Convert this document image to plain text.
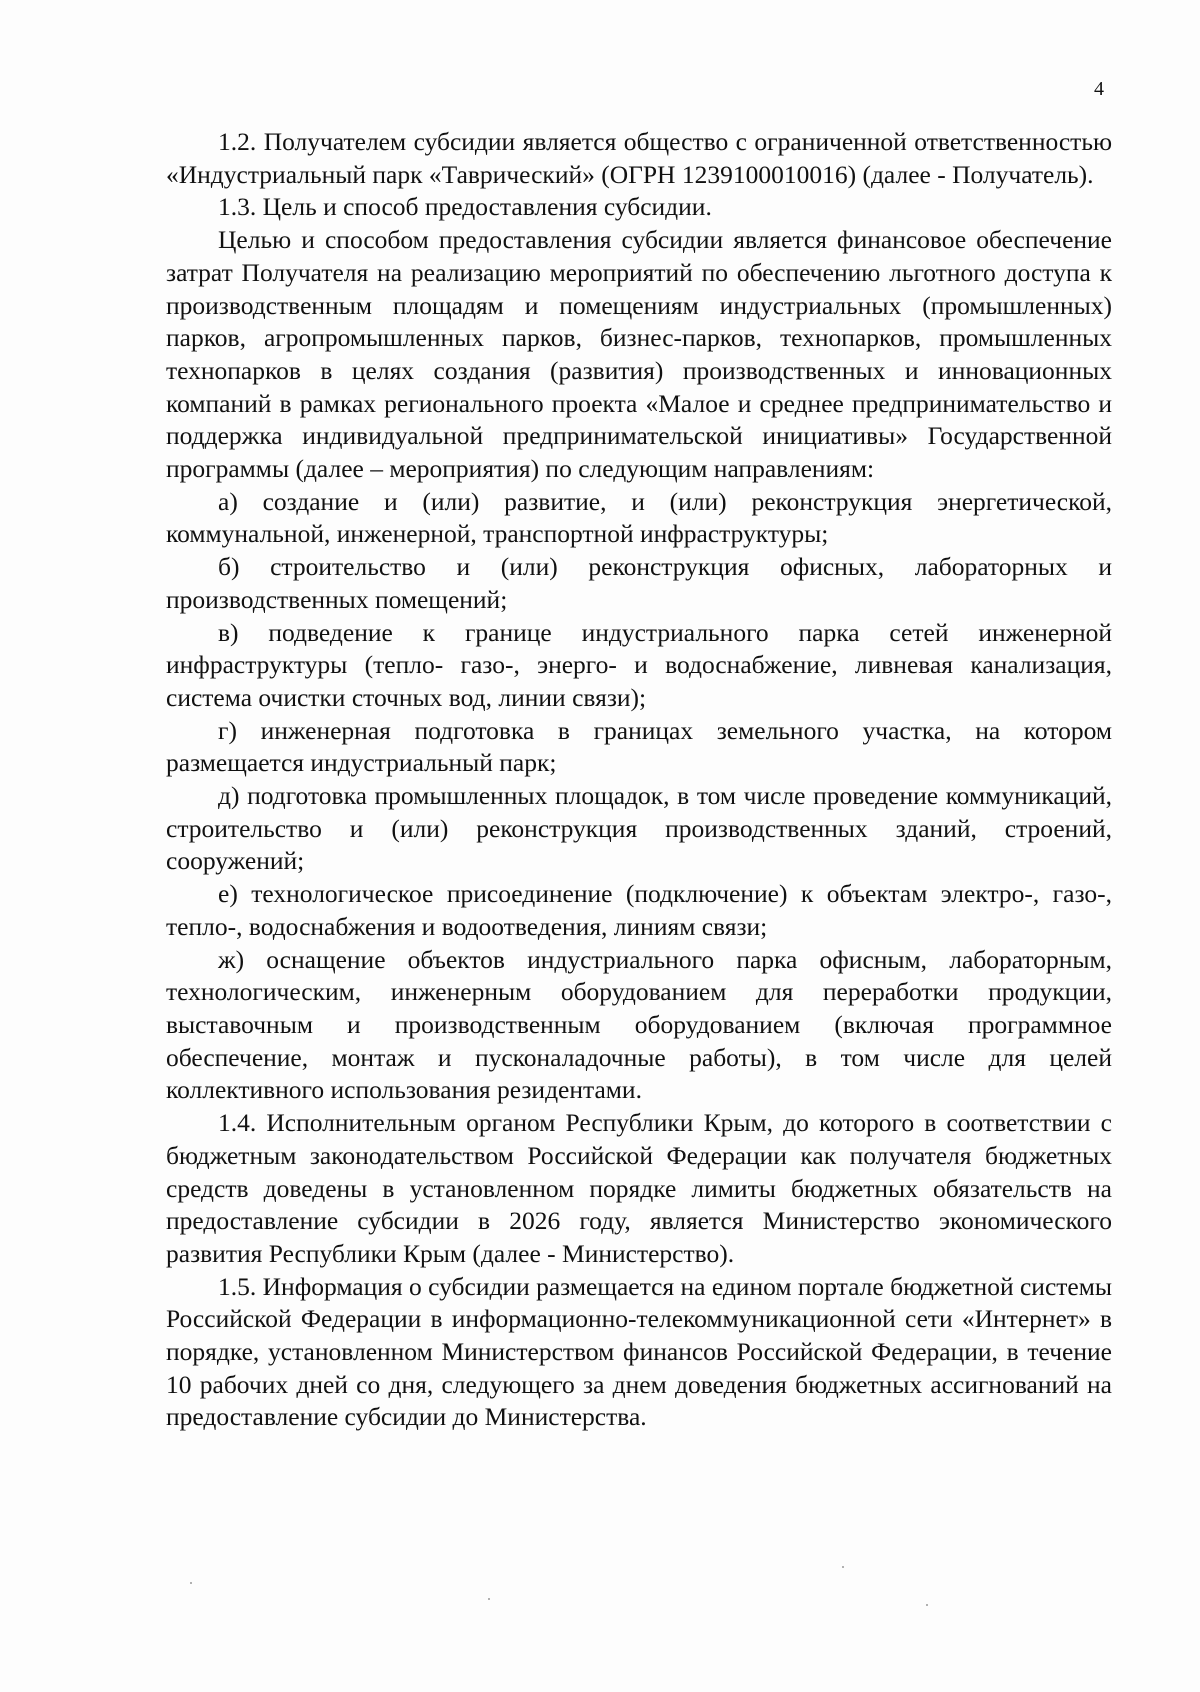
4

1.2. Получателем субсидии является общество с ограниченной ответственностью «Индустриальный парк «Таврический» (ОГРН 1239100010016) (далее - Получатель).

1.3. Цель и способ предоставления субсидии.

Целью и способом предоставления субсидии является финансовое обеспечение затрат Получателя на реализацию мероприятий по обеспечению льготного доступа к производственным площадям и помещениям индустриальных (промышленных) парков, агропромышленных парков, бизнес-парков, технопарков, промышленных технопарков в целях создания (развития) производственных и инновационных компаний в рамках регионального проекта «Малое и среднее предпринимательство и поддержка индивидуальной предпринимательской инициативы» Государственной программы (далее – мероприятия) по следующим направлениям:

а) создание и (или) развитие, и (или) реконструкция энергетической, коммунальной, инженерной, транспортной инфраструктуры;

б) строительство и (или) реконструкция офисных, лабораторных и производственных помещений;

в) подведение к границе индустриального парка сетей инженерной инфраструктуры (тепло- газо-, энерго- и водоснабжение, ливневая канализация, система очистки сточных вод, линии связи);

г) инженерная подготовка в границах земельного участка, на котором размещается индустриальный парк;

д) подготовка промышленных площадок, в том числе проведение коммуникаций, строительство и (или) реконструкция производственных зданий, строений, сооружений;

е) технологическое присоединение (подключение) к объектам электро-, газо-, тепло-, водоснабжения и водоотведения, линиям связи;

ж) оснащение объектов индустриального парка офисным, лабораторным, технологическим, инженерным оборудованием для переработки продукции, выставочным и производственным оборудованием (включая программное обеспечение, монтаж и пусконаладочные работы), в том числе для целей коллективного использования резидентами.

1.4. Исполнительным органом Республики Крым, до которого в соответствии с бюджетным законодательством Российской Федерации как получателя бюджетных средств доведены в установленном порядке лимиты бюджетных обязательств на предоставление субсидии в 2026 году, является Министерство экономического развития Республики Крым (далее - Министерство).

1.5. Информация о субсидии размещается на едином портале бюджетной системы Российской Федерации в информационно-телекоммуникационной сети «Интернет» в порядке, установленном Министерством финансов Российской Федерации, в течение 10 рабочих дней со дня, следующего за днем доведения бюджетных ассигнований на предоставление субсидии до Министерства.
